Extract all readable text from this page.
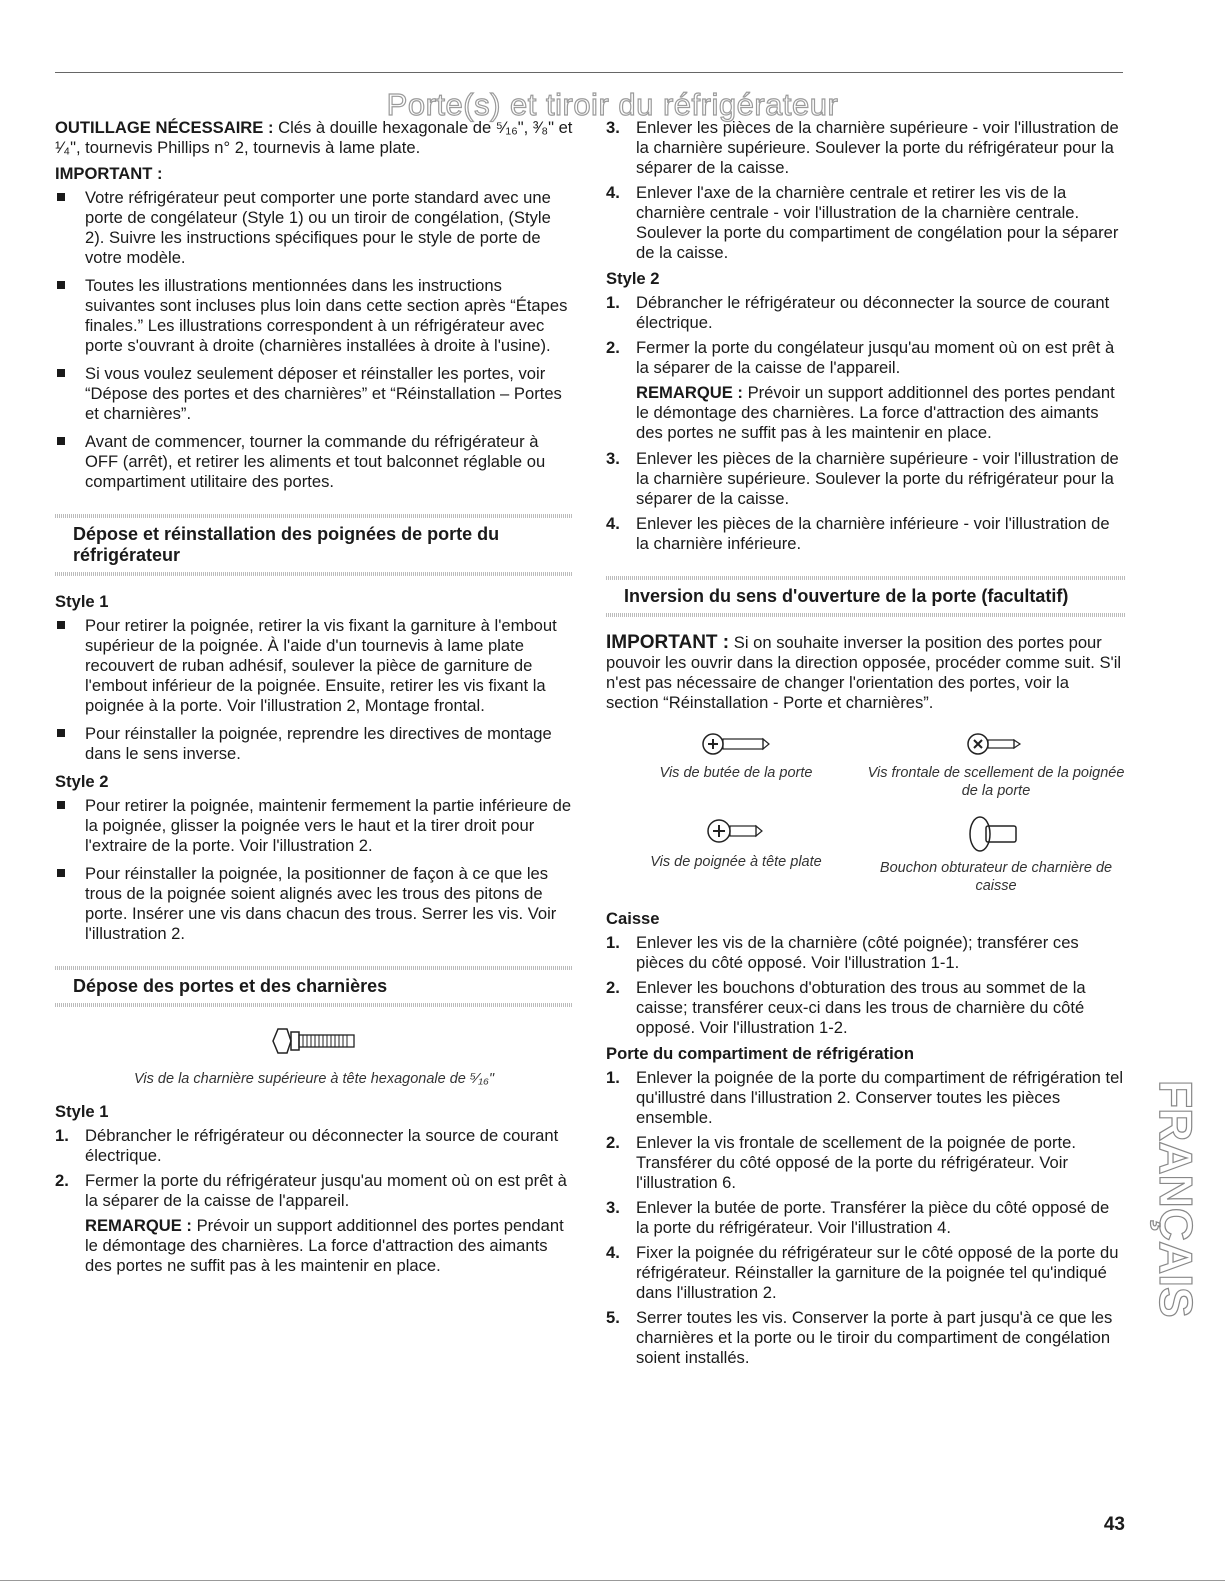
Porte(s) et tiroir du réfrigérateur

OUTILLAGE NÉCESSAIRE : Clés à douille hexagonale de ⁵⁄₁₆", ³⁄₈" et ¹⁄₄", tournevis Phillips n° 2, tournevis à lame plate.

IMPORTANT :

Votre réfrigérateur peut comporter une porte standard avec une porte de congélateur (Style 1) ou un tiroir de congélation, (Style 2). Suivre les instructions spécifiques pour le style de porte de votre modèle.
Toutes les illustrations mentionnées dans les instructions suivantes sont incluses plus loin dans cette section après “Étapes finales.” Les illustrations correspondent à un réfrigérateur avec porte s'ouvrant à droite (charnières installées à droite à l'usine).
Si vous voulez seulement déposer et réinstaller les portes, voir “Dépose des portes et des charnières” et “Réinstallation – Portes et charnières”.
Avant de commencer, tourner la commande du réfrigérateur à OFF (arrêt), et retirer les aliments et tout balconnet réglable ou compartiment utilitaire des portes.
Dépose et réinstallation des poignées de porte du réfrigérateur

Style 1

Pour retirer la poignée, retirer la vis fixant la garniture à l'embout supérieur de la poignée. À l'aide d'un tournevis à lame plate recouvert de ruban adhésif, soulever la pièce de garniture de l'embout inférieur de la poignée. Ensuite, retirer les vis fixant la poignée à la porte. Voir l'illustration 2, Montage frontal.
Pour réinstaller la poignée, reprendre les directives de montage dans le sens inverse.

Style 2

Pour retirer la poignée, maintenir fermement la partie inférieure de la poignée, glisser la poignée vers le haut et la tirer droit pour l'extraire de la porte. Voir l'illustration 2.
Pour réinstaller la poignée, la positionner de façon à ce que les trous de la poignée soient alignés avec les trous des pitons de porte. Insérer une vis dans chacun des trous. Serrer les vis. Voir l'illustration 2.
Dépose des portes et des charnières
Vis de la charnière supérieure à tête hexagonale de ⁵⁄₁₆"

Style 1

1. Débrancher le réfrigérateur ou déconnecter la source de courant électrique.
2. Fermer la porte du réfrigérateur jusqu'au moment où on est prêt à la séparer de la caisse de l'appareil.

REMARQUE : Prévoir un support additionnel des portes pendant le démontage des charnières. La force d'attraction des aimants des portes ne suffit pas à les maintenir en place.

3. Enlever les pièces de la charnière supérieure - voir l'illustration de la charnière supérieure. Soulever la porte du réfrigérateur pour la séparer de la caisse.
4. Enlever l'axe de la charnière centrale et retirer les vis de la charnière centrale - voir l'illustration de la charnière centrale. Soulever la porte du compartiment de congélation pour la séparer de la caisse.

Style 2

1. Débrancher le réfrigérateur ou déconnecter la source de courant électrique.
2. Fermer la porte du congélateur jusqu'au moment où on est prêt à la séparer de la caisse de l'appareil.

REMARQUE : Prévoir un support additionnel des portes pendant le démontage des charnières. La force d'attraction des aimants des portes ne suffit pas à les maintenir en place.

3. Enlever les pièces de la charnière supérieure - voir l'illustration de la charnière supérieure. Soulever la porte du réfrigérateur pour la séparer de la caisse.
4. Enlever les pièces de la charnière inférieure - voir l'illustration de la charnière inférieure.
Inversion du sens d'ouverture de la porte (facultatif)

IMPORTANT : Si on souhaite inverser la position des portes pour pouvoir les ouvrir dans la direction opposée, procéder comme suit. S'il n'est pas nécessaire de changer l'orientation des portes, voir la section “Réinstallation - Porte et charnières”.

Vis de butée de la porte	Vis frontale de scellement de la poignée de la porte
Vis de poignée à tête plate	Bouchon obturateur de charnière de caisse

Caisse

1. Enlever les vis de la charnière (côté poignée); transférer ces pièces du côté opposé. Voir l'illustration 1-1.
2. Enlever les bouchons d'obturation des trous au sommet de la caisse; transférer ceux-ci dans les trous de charnière du côté opposé. Voir l'illustration 1-2.

Porte du compartiment de réfrigération

1. Enlever la poignée de la porte du compartiment de réfrigération tel qu'illustré dans l'illustration 2. Conserver toutes les pièces ensemble.
2. Enlever la vis frontale de scellement de la poignée de porte. Transférer du côté opposé de la porte du réfrigérateur. Voir l'illustration 6.
3. Enlever la butée de porte. Transférer la pièce du côté opposé de la porte du réfrigérateur. Voir l'illustration 4.
4. Fixer la poignée du réfrigérateur sur le côté opposé de la porte du réfrigérateur. Réinstaller la garniture de la poignée tel qu'indiqué dans l'illustration 2.
5. Serrer toutes les vis. Conserver la porte à part jusqu'à ce que les charnières et la porte ou le tiroir du compartiment de congélation soient installés.
FRANÇAIS
43
